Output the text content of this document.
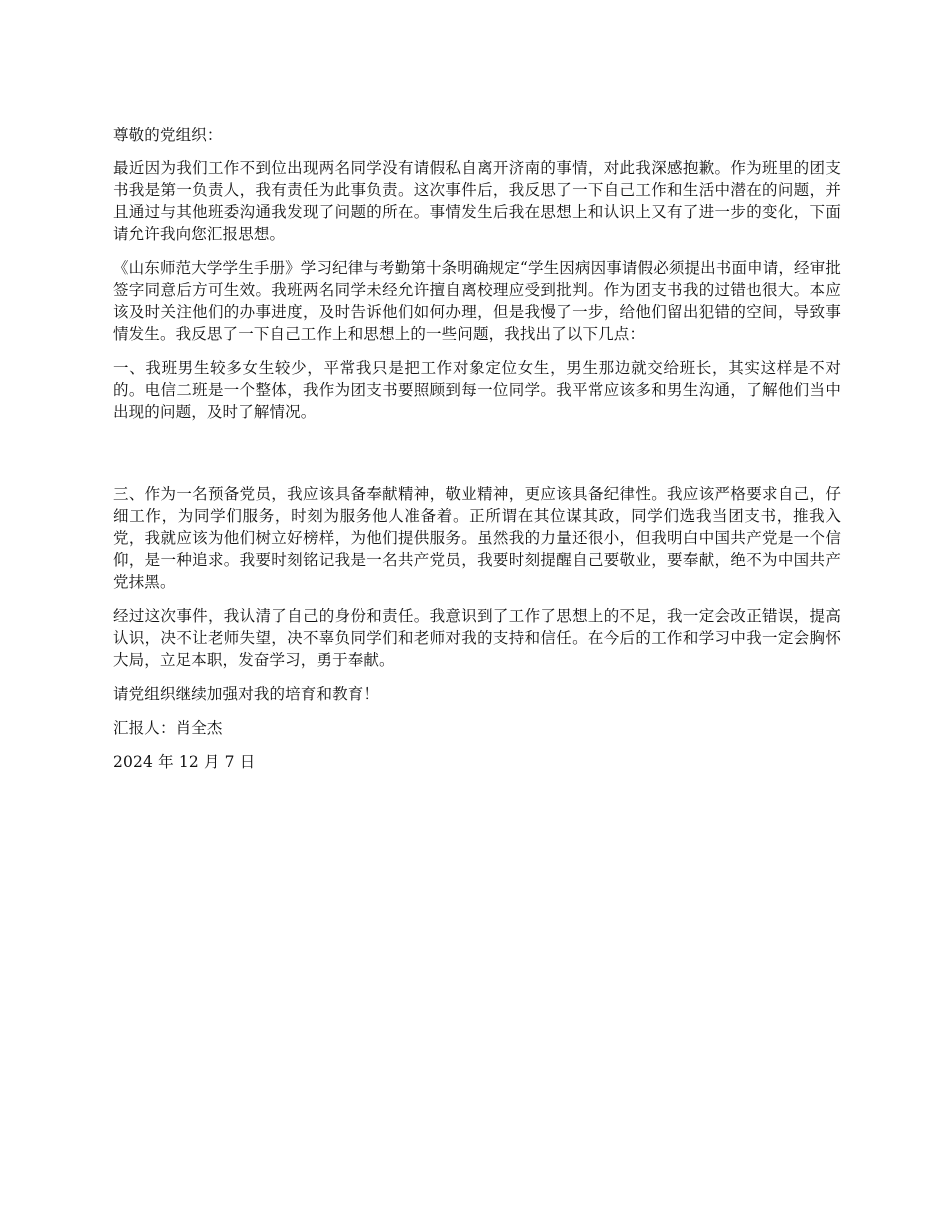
尊敬的党组织：

最近因为我们工作不到位出现两名同学没有请假私自离开济南的事情，对此我深感抱歉。作为班里的团支书我是第一负责人，我有责任为此事负责。这次事件后，我反思了一下自己工作和生活中潜在的问题，并且通过与其他班委沟通我发现了问题的所在。事情发生后我在思想上和认识上又有了进一步的变化，下面请允许我向您汇报思想。

《山东师范大学学生手册》学习纪律与考勤第十条明确规定“学生因病因事请假必须提出书面申请，经审批签字同意后方可生效。我班两名同学未经允许擅自离校理应受到批判。作为团支书我的过错也很大。本应该及时关注他们的办事进度，及时告诉他们如何办理，但是我慢了一步，给他们留出犯错的空间，导致事情发生。我反思了一下自己工作上和思想上的一些问题，我找出了以下几点：

一、我班男生较多女生较少，平常我只是把工作对象定位女生，男生那边就交给班长，其实这样是不对的。电信二班是一个整体，我作为团支书要照顾到每一位同学。我平常应该多和男生沟通，了解他们当中出现的问题，及时了解情况。

三、作为一名预备党员，我应该具备奉献精神，敬业精神，更应该具备纪律性。我应该严格要求自己，仔细工作，为同学们服务，时刻为服务他人准备着。正所谓在其位谋其政，同学们选我当团支书，推我入党，我就应该为他们树立好榜样，为他们提供服务。虽然我的力量还很小，但我明白中国共产党是一个信仰，是一种追求。我要时刻铭记我是一名共产党员，我要时刻提醒自己要敬业，要奉献，绝不为中国共产党抹黑。

经过这次事件，我认清了自己的身份和责任。我意识到了工作了思想上的不足，我一定会改正错误，提高认识，决不让老师失望，决不辜负同学们和老师对我的支持和信任。在今后的工作和学习中我一定会胸怀大局，立足本职，发奋学习，勇于奉献。

请党组织继续加强对我的培育和教育！

汇报人：肖全杰

2024 年 12 月 7 日
